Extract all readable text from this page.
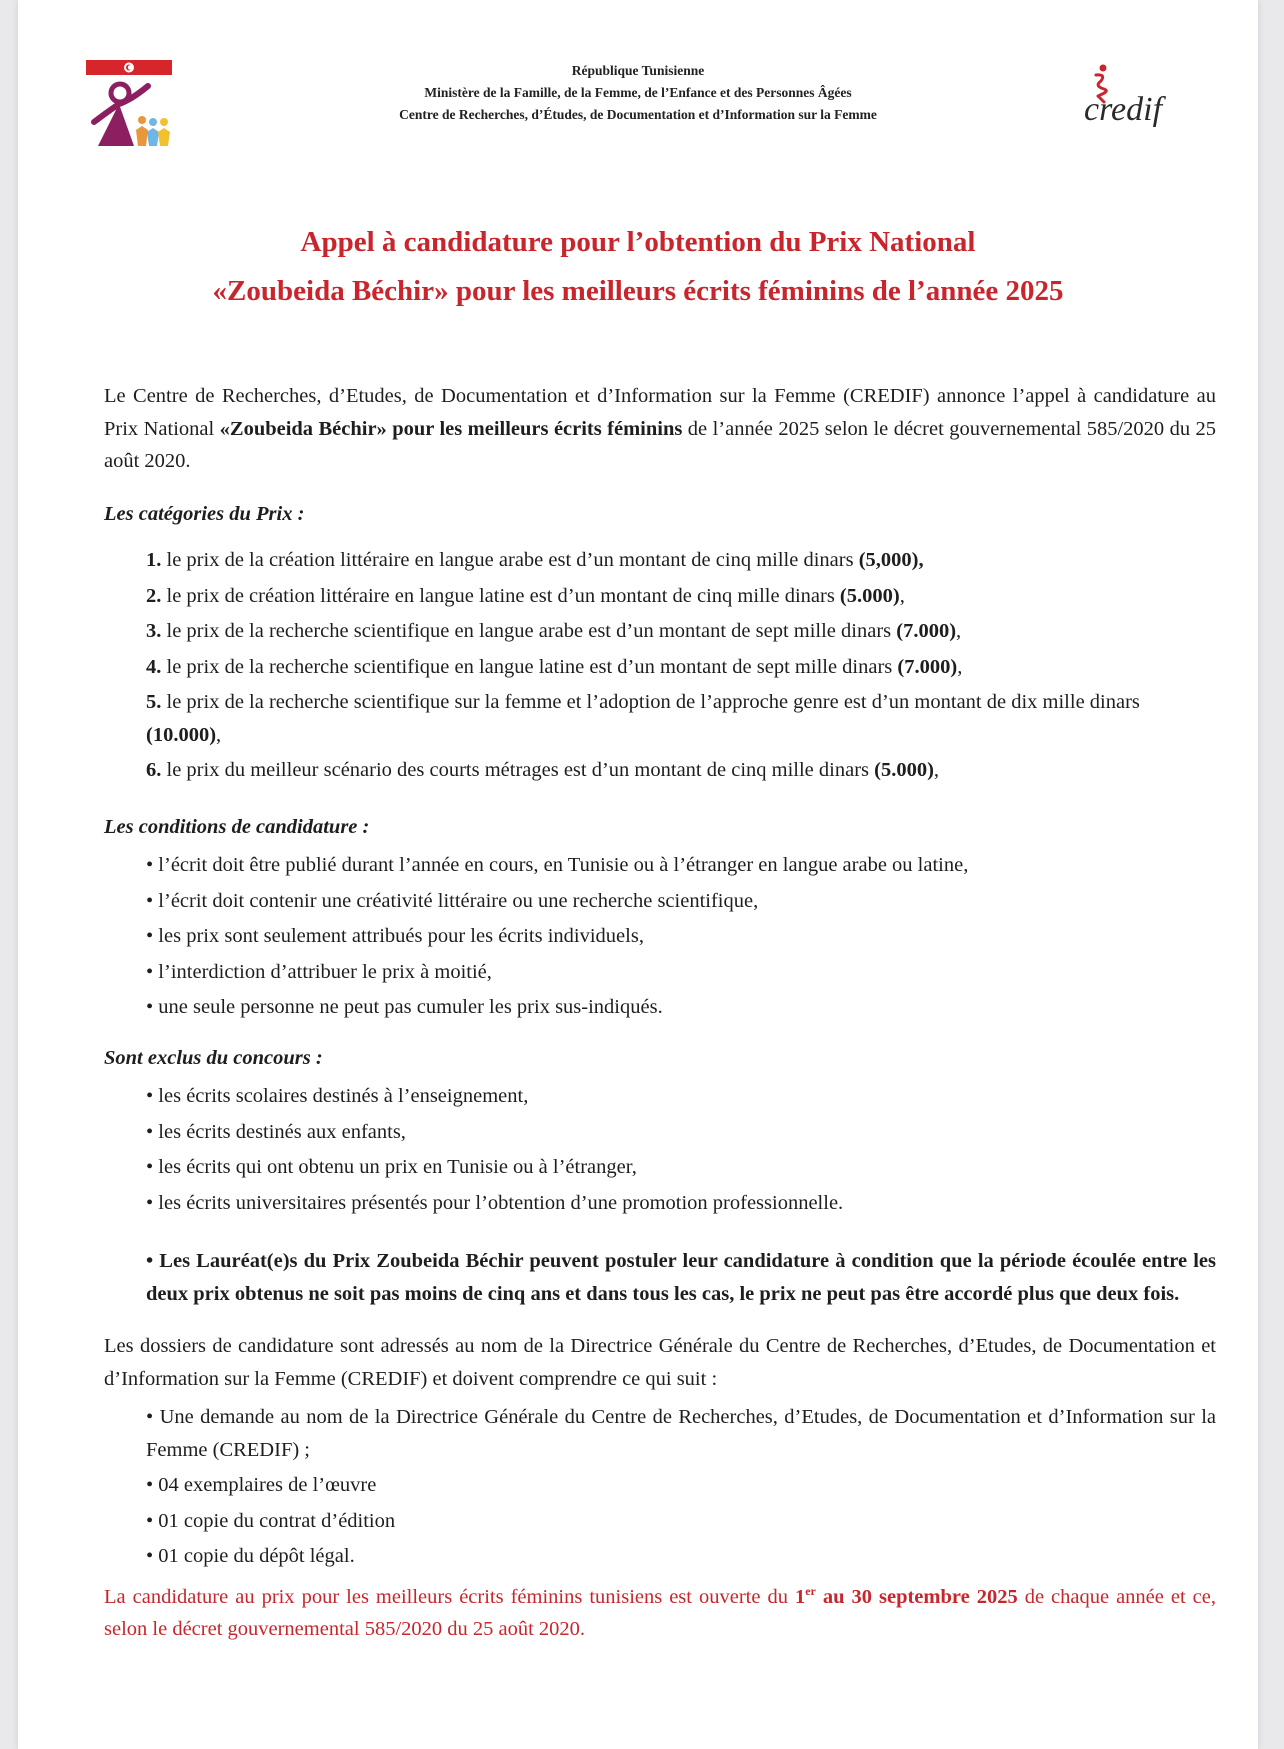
République Tunisienne
Ministère de la Famille, de la Femme, de l’Enfance et des Personnes Âgées
Centre de Recherches, d’Études, de Documentation et d’Information sur la Femme	credif
Appel à candidature pour l’obtention du Prix National
«Zoubeida Béchir» pour les meilleurs écrits féminins de l’année 2025

Le Centre de Recherches, d’Etudes, de Documentation et d’Information sur la Femme (CREDIF) annonce l’appel à candidature au Prix National «Zoubeida Béchir» pour les meilleurs écrits féminins de l’année 2025 selon le décret gouvernemental 585/2020 du 25 août 2020.

Les catégories du Prix :
1. le prix de la création littéraire en langue arabe est d’un montant de cinq mille dinars (5,000),
2. le prix de création littéraire en langue latine est d’un montant de cinq mille dinars (5.000),
3. le prix de la recherche scientifique en langue arabe est d’un montant de sept mille dinars (7.000),
4. le prix de la recherche scientifique en langue latine est d’un montant de sept mille dinars (7.000),
5. le prix de la recherche scientifique sur la femme et l’adoption de l’approche genre est d’un montant de dix mille dinars (10.000),
6. le prix du meilleur scénario des courts métrages est d’un montant de cinq mille dinars (5.000),
Les conditions de candidature :
• l’écrit doit être publié durant l’année en cours, en Tunisie ou à l’étranger en langue arabe ou latine,
• l’écrit doit contenir une créativité littéraire ou une recherche scientifique,
• les prix sont seulement attribués pour les écrits individuels,
• l’interdiction d’attribuer le prix à moitié,
• une seule personne ne peut pas cumuler les prix sus-indiqués.
Sont exclus du concours :
• les écrits scolaires destinés à l’enseignement,
• les écrits destinés aux enfants,
• les écrits qui ont obtenu un prix en Tunisie ou à l’étranger,
• les écrits universitaires présentés pour l’obtention d’une promotion professionnelle.
• Les Lauréat(e)s du Prix Zoubeida Béchir peuvent postuler leur candidature à condition que la période écoulée entre les deux prix obtenus ne soit pas moins de cinq ans et dans tous les cas, le prix ne peut pas être accordé plus que deux fois.

Les dossiers de candidature sont adressés au nom de la Directrice Générale du Centre de Recherches, d’Etudes, de Documentation et d’Information sur la Femme (CREDIF) et doivent comprendre ce qui suit :

• Une demande au nom de la Directrice Générale du Centre de Recherches, d’Etudes, de Documentation et d’Information sur la Femme (CREDIF) ;
• 04 exemplaires de l’œuvre
• 01 copie du contrat d’édition
• 01 copie du dépôt légal.

La candidature au prix pour les meilleurs écrits féminins tunisiens est ouverte du 1er au 30 septembre 2025 de chaque année et ce, selon le décret gouvernemental 585/2020 du 25 août 2020.
